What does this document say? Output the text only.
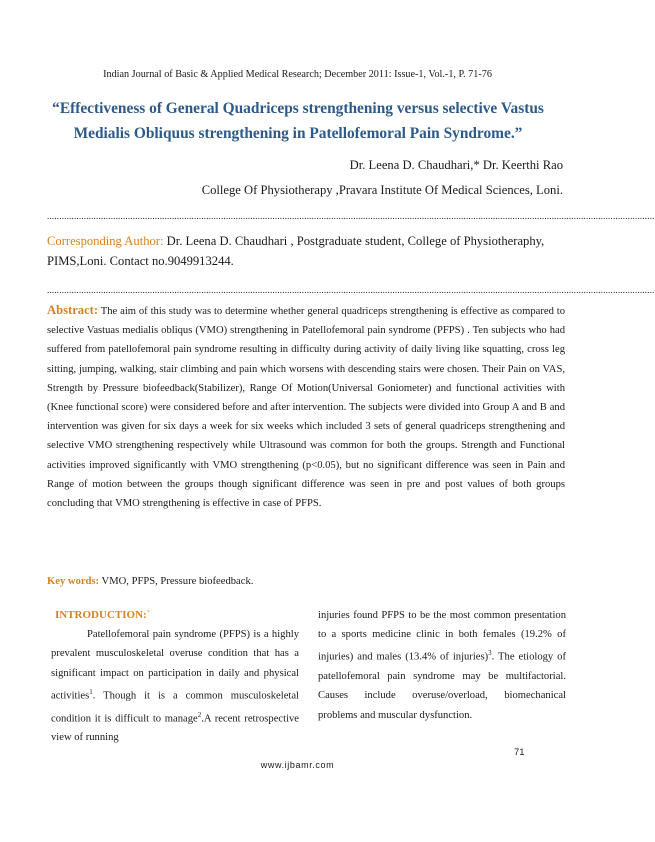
Indian Journal of Basic & Applied Medical Research; December 2011: Issue-1, Vol.-1, P. 71-76
“Effectiveness of General Quadriceps strengthening versus selective Vastus
Medialis Obliquus strengthening in Patellofemoral Pain Syndrome.”
Dr. Leena D. Chaudhari,* Dr. Keerthi Rao
College Of Physiotherapy ,Pravara Institute Of Medical Sciences, Loni.
........................................................................................................................................................................................................................................................
Corresponding Author: Dr. Leena D. Chaudhari , Postgraduate student, College of Physiotheraphy, PIMS,Loni. Contact no.9049913244.
........................................................................................................................................................................................................................................................
Abstract: The aim of this study was to determine whether general quadriceps strengthening is effective as compared to selective Vastuas medialis obliqus (VMO) strengthening in Patellofemoral pain syndrome (PFPS) . Ten subjects who had suffered from patellofemoral pain syndrome resulting in difficulty during activity of daily living like squatting, cross leg sitting, jumping, walking, stair climbing and pain which worsens with descending stairs were chosen. Their Pain on VAS, Strength by Pressure biofeedback(Stabilizer), Range Of Motion(Universal Goniometer) and functional activities with (Knee functional score) were considered before and after intervention. The subjects were divided into Group A and B and intervention was given for six days a week for six weeks which included 3 sets of general quadriceps strengthening and selective VMO strengthening respectively while Ultrasound was common for both the groups. Strength and Functional activities improved significantly with VMO strengthening (p<0.05), but no significant difference was seen in Pain and Range of motion between the groups though significant difference was seen in pre and post values of both groups concluding that VMO strengthening is effective in case of PFPS.
Key words: VMO, PFPS, Pressure biofeedback.
INTRODUCTION:`
Patellofemoral pain syndrome (PFPS) is a highly prevalent musculoskeletal overuse condition that has a significant impact on participation in daily and physical activities$^1$. Though it is a common musculoskeletal condition it is difficult to manage$^2$.A recent retrospective view of running
injuries found PFPS to be the most common presentation to a sports medicine clinic in both females (19.2% of injuries) and males (13.4% of injuries)$^3$. The etiology of patellofemoral pain syndrome may be multifactorial. Causes include overuse/overload, biomechanical problems and muscular dysfunction.
71
www.ijbamr.com
